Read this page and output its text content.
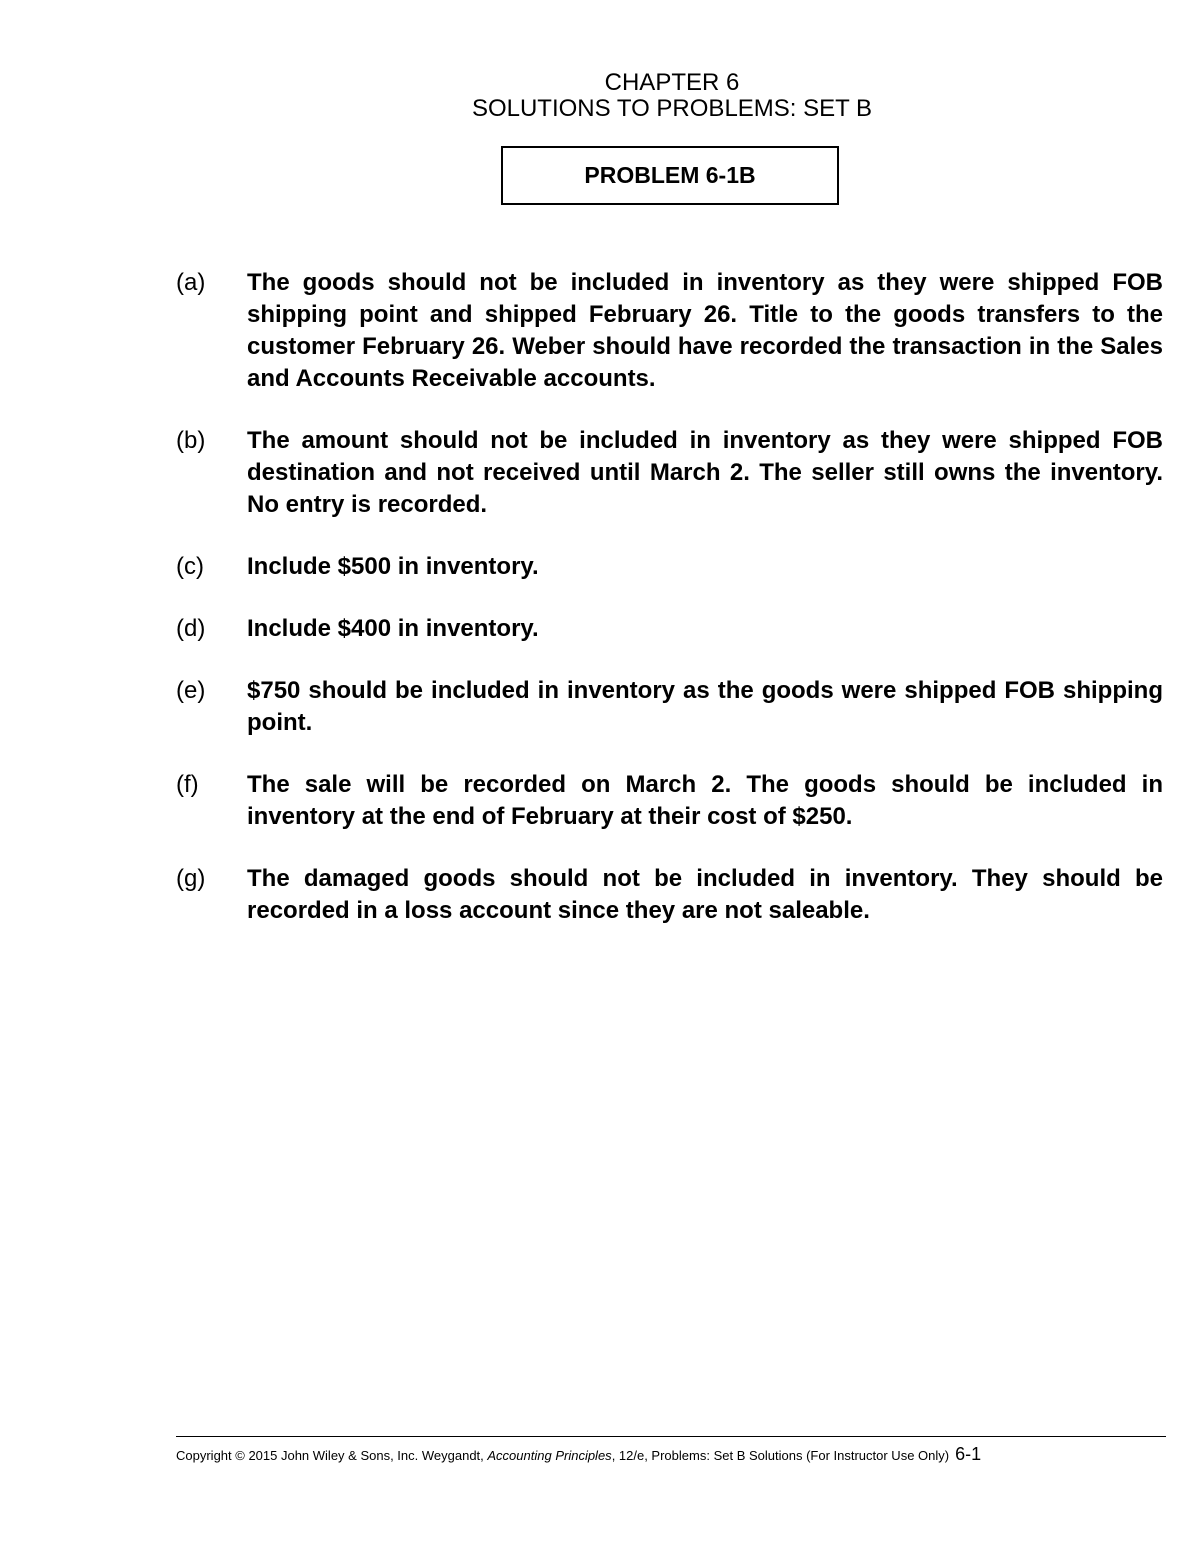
CHAPTER 6
SOLUTIONS TO PROBLEMS: SET B
PROBLEM 6-1B
(a)	The goods should not be included in inventory as they were shipped FOB shipping point and shipped February 26. Title to the goods transfers to the customer February 26. Weber should have recorded the transaction in the Sales and Accounts Receivable accounts.
(b)	The amount should not be included in inventory as they were shipped FOB destination and not received until March 2. The seller still owns the inventory. No entry is recorded.
(c)	Include $500 in inventory.
(d)	Include $400 in inventory.
(e)	$750 should be included in inventory as the goods were shipped FOB shipping point.
(f)	The sale will be recorded on March 2. The goods should be included in inventory at the end of February at their cost of $250.
(g)	The damaged goods should not be included in inventory. They should be recorded in a loss account since they are not saleable.
Copyright © 2015 John Wiley & Sons, Inc. Weygandt, Accounting Principles, 12/e, Problems: Set B Solutions (For Instructor Use Only) 6-1
